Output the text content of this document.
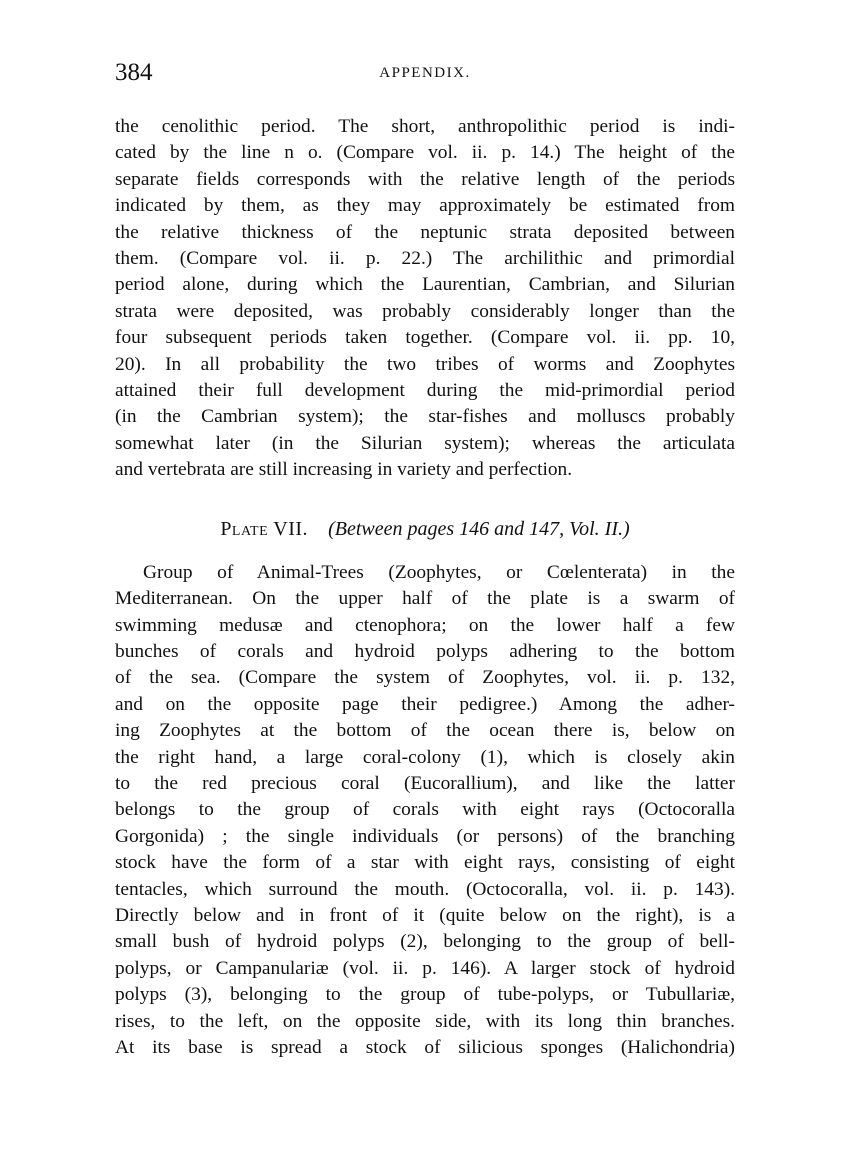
384	APPENDIX.
the cenolithic period. The short, anthropolithic period is indi-
cated by the line n o. (Compare vol. ii. p. 14.) The height of the
separate fields corresponds with the relative length of the periods
indicated by them, as they may approximately be estimated from
the relative thickness of the neptunic strata deposited between
them. (Compare vol. ii. p. 22.) The archilithic and primordial
period alone, during which the Laurentian, Cambrian, and Silurian
strata were deposited, was probably considerably longer than the
four subsequent periods taken together. (Compare vol. ii. pp. 10,
20). In all probability the two tribes of worms and Zoophytes
attained their full development during the mid-primordial period
(in the Cambrian system); the star-fishes and molluscs probably
somewhat later (in the Silurian system); whereas the articulata
and vertebrata are still increasing in variety and perfection.
Plate VII. (Between pages 146 and 147, Vol. II.)
Group of Animal-Trees (Zoophytes, or Cœlenterata) in the
Mediterranean. On the upper half of the plate is a swarm of
swimming medusæ and ctenophora; on the lower half a few
bunches of corals and hydroid polyps adhering to the bottom
of the sea. (Compare the system of Zoophytes, vol. ii. p. 132,
and on the opposite page their pedigree.) Among the adher-
ing Zoophytes at the bottom of the ocean there is, below on
the right hand, a large coral-colony (1), which is closely akin
to the red precious coral (Eucorallium), and like the latter
belongs to the group of corals with eight rays (Octocoralla
Gorgonida) ; the single individuals (or persons) of the branching
stock have the form of a star with eight rays, consisting of eight
tentacles, which surround the mouth. (Octocoralla, vol. ii. p. 143).
Directly below and in front of it (quite below on the right), is a
small bush of hydroid polyps (2), belonging to the group of bell-
polyps, or Campanulariæ (vol. ii. p. 146). A larger stock of hydroid
polyps (3), belonging to the group of tube-polyps, or Tubullariæ,
rises, to the left, on the opposite side, with its long thin branches.
At its base is spread a stock of silicious sponges (Halichondria)
